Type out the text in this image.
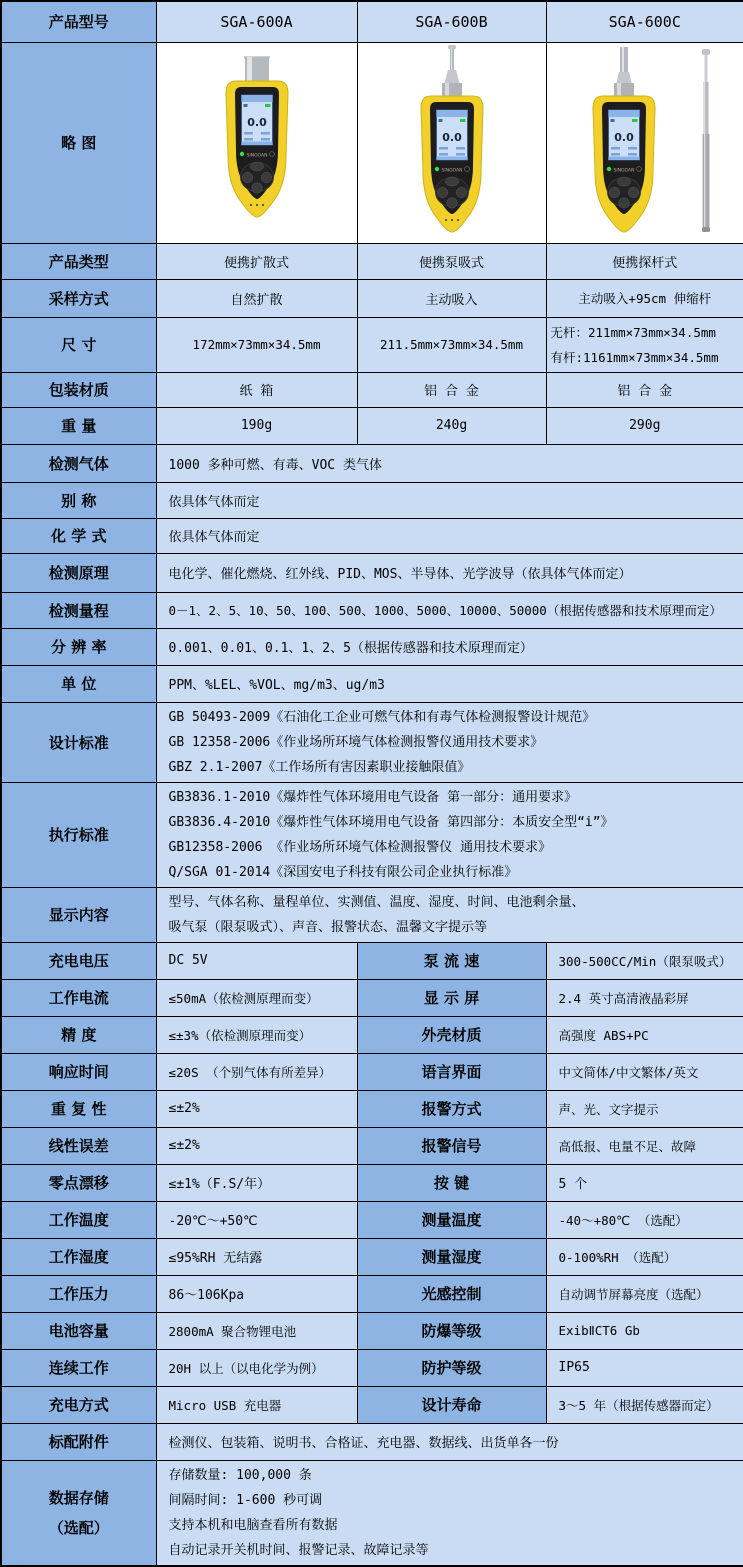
产品型号	SGA-600A	SGA-600B	SGA-600C
略 图	0.0
SINGOAN	0.0
SINGOAN	0.0
SINGOAN

产品类型	便携扩散式	便携泵吸式	便携探杆式
采样方式	自然扩散	主动吸入	主动吸入+95cm 伸缩杆
尺 寸	172mm×73mm×34.5mm	211.5mm×73mm×34.5mm	无杆：211mm×73mm×34.5mm
有杆:1161mm×73mm×34.5mm

包装材质	纸 箱	铝 合 金	铝 合 金
重 量	190g	240g	290g
检测气体	1000 多种可燃、有毒、VOC 类气体		
别 称	依具体气体而定		
化 学 式	依具体气体而定		
检测原理	电化学、催化燃烧、红外线、PID、MOS、半导体、光学波导（依具体气体而定）		
检测量程	0－1、2、5、10、50、100、500、1000、5000、10000、50000（根据传感器和技术原理而定）		
分 辨 率	0.001、0.01、0.1、1、2、5（根据传感器和技术原理而定）		
单 位	PPM、%LEL、%VOL、mg/m3、ug/m3		
设计标准	GB 50493-2009《石油化工企业可燃气体和有毒气体检测报警设计规范》
GB 12358-2006《作业场所环境气体检测报警仪通用技术要求》
GBZ 2.1-2007《工作场所有害因素职业接触限值》		

执行标准	GB3836.1-2010《爆炸性气体环境用电气设备 第一部分：通用要求》
GB3836.4-2010《爆炸性气体环境用电气设备 第四部分：本质安全型“i”》
GB12358-2006 《作业场所环境气体检测报警仪 通用技术要求》
Q/SGA 01-2014《深国安电子科技有限公司企业执行标准》		

显示内容	型号、气体名称、量程单位、实测值、温度、湿度、时间、电池剩余量、
吸气泵（限泵吸式）、声音、报警状态、温馨文字提示等		

充电电压	DC 5V	泵 流 速	300-500CC/Min（限泵吸式）
工作电流	≤50mA（依检测原理而变）	显 示 屏	2.4 英寸高清液晶彩屏
精 度	≤±3%（依检测原理而变）	外壳材质	高强度 ABS+PC
响应时间	≤20S （个别气体有所差异）	语言界面	中文简体/中文繁体/英文
重 复 性	≤±2%	报警方式	声、光、文字提示
线性误差	≤±2%	报警信号	高低报、电量不足、故障
零点漂移	≤±1%（F.S/年）	按 键	5 个
工作温度	-20℃～+50℃	测量温度	-40～+80℃ （选配）
工作湿度	≤95%RH 无结露	测量湿度	0-100%RH （选配）
工作压力	86～106Kpa	光感控制	自动调节屏幕亮度（选配）
电池容量	2800mA 聚合物锂电池	防爆等级	ExibⅡCT6 Gb
连续工作	20H 以上（以电化学为例）	防护等级	IP65
充电方式	Micro USB 充电器	设计寿命	3～5 年（根据传感器而定）
标配附件	检测仪、包装箱、说明书、合格证、充电器、数据线、出货单各一份		

数据存储
（选配）	存储数量: 100,000 条
间隔时间: 1-600 秒可调
支持本机和电脑查看所有数据
自动记录开关机时间、报警记录、故障记录等		
